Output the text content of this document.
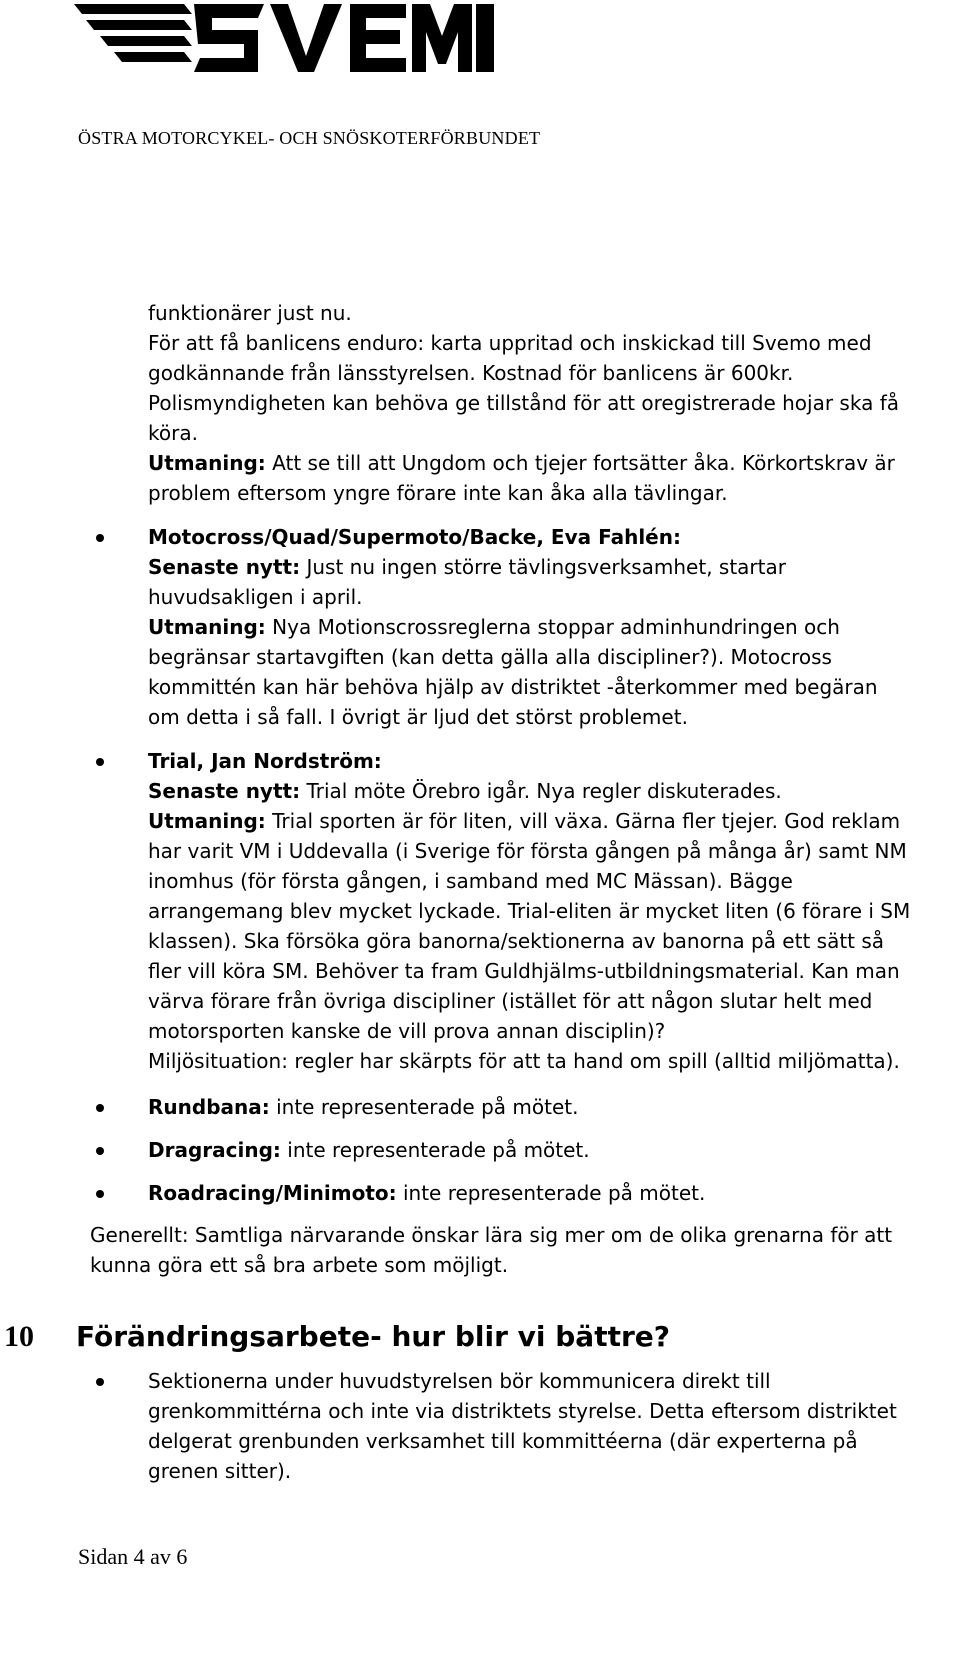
ÖSTRA MOTORCYKEL- OCH SNÖSKOTERFÖRBUNDET

funktionärer just nu.

För att få banlicens enduro: karta uppritad och inskickad till Svemo med

godkännande från länsstyrelsen. Kostnad för banlicens är 600kr.

Polismyndigheten kan behöva ge tillstånd för att oregistrerade hojar ska få

köra.

Utmaning: Att se till att Ungdom och tjejer fortsätter åka. Körkortskrav är

problem eftersom yngre förare inte kan åka alla tävlingar.

Motocross/Quad/Supermoto/Backe, Eva Fahlén:

Senaste nytt: Just nu ingen större tävlingsverksamhet, startar

huvudsakligen i april.

Utmaning: Nya Motionscrossreglerna stoppar adminhundringen och

begränsar startavgiften (kan detta gälla alla discipliner?). Motocross

kommittén kan här behöva hjälp av distriktet -återkommer med begäran

om detta i så fall. I övrigt är ljud det störst problemet.

Trial, Jan Nordström:

Senaste nytt: Trial möte Örebro igår. Nya regler diskuterades.

Utmaning: Trial sporten är för liten, vill växa. Gärna fler tjejer. God reklam

har varit VM i Uddevalla (i Sverige för första gången på många år) samt NM

inomhus (för första gången, i samband med MC Mässan). Bägge

arrangemang blev mycket lyckade. Trial-eliten är mycket liten (6 förare i SM

klassen). Ska försöka göra banorna/sektionerna av banorna på ett sätt så

fler vill köra SM. Behöver ta fram Guldhjälms-utbildningsmaterial. Kan man

värva förare från övriga discipliner (istället för att någon slutar helt med

motorsporten kanske de vill prova annan disciplin)?

Miljösituation: regler har skärpts för att ta hand om spill (alltid miljömatta).

Rundbana: inte representerade på mötet.

Dragracing: inte representerade på mötet.

Roadracing/Minimoto: inte representerade på mötet.

Generellt: Samtliga närvarande önskar lära sig mer om de olika grenarna för att

kunna göra ett så bra arbete som möjligt.

10 Förändringsarbete- hur blir vi bättre?

Sektionerna under huvudstyrelsen bör kommunicera direkt till

grenkommittérna och inte via distriktets styrelse. Detta eftersom distriktet

delgerat grenbunden verksamhet till kommittéerna (där experterna på

grenen sitter).

Sidan 4 av 6
